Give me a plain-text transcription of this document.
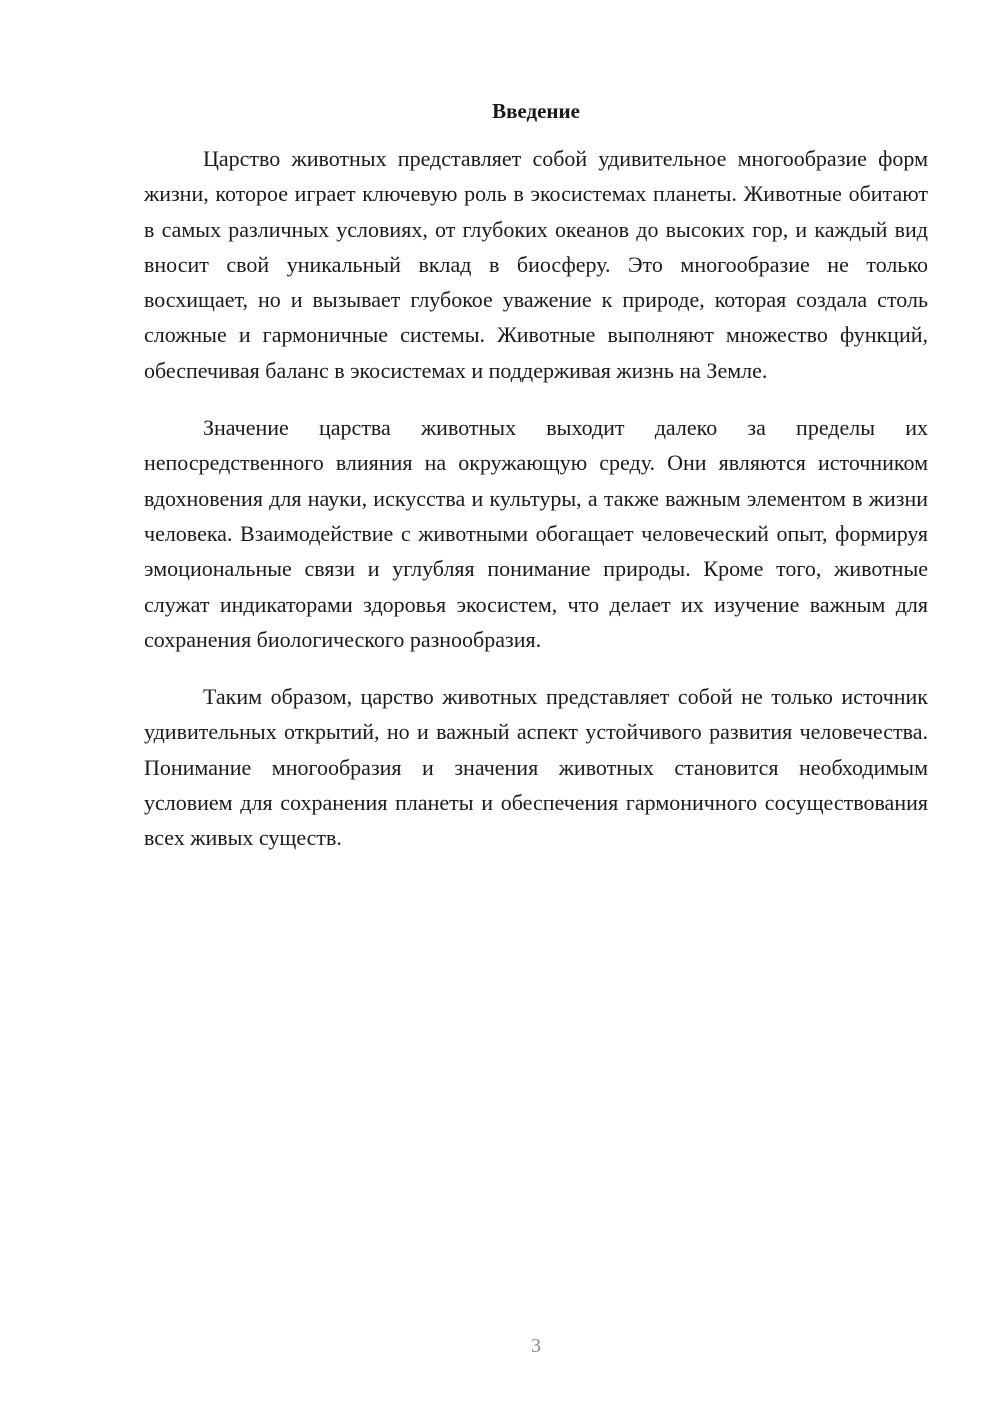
Введение

Царство животных представляет собой удивительное многообразие форм жизни, которое играет ключевую роль в экосистемах планеты. Животные обитают в самых различных условиях, от глубоких океанов до высоких гор, и каждый вид вносит свой уникальный вклад в биосферу. Это многообразие не только восхищает, но и вызывает глубокое уважение к природе, которая создала столь сложные и гармоничные системы. Животные выполняют множество функций, обеспечивая баланс в экосистемах и поддерживая жизнь на Земле.

Значение царства животных выходит далеко за пределы их непосредственного влияния на окружающую среду. Они являются источником вдохновения для науки, искусства и культуры, а также важным элементом в жизни человека. Взаимодействие с животными обогащает человеческий опыт, формируя эмоциональные связи и углубляя понимание природы. Кроме того, животные служат индикаторами здоровья экосистем, что делает их изучение важным для сохранения биологического разнообразия.

Таким образом, царство животных представляет собой не только источник удивительных открытий, но и важный аспект устойчивого развития человечества. Понимание многообразия и значения животных становится необходимым условием для сохранения планеты и обеспечения гармоничного сосуществования всех живых существ.

3
